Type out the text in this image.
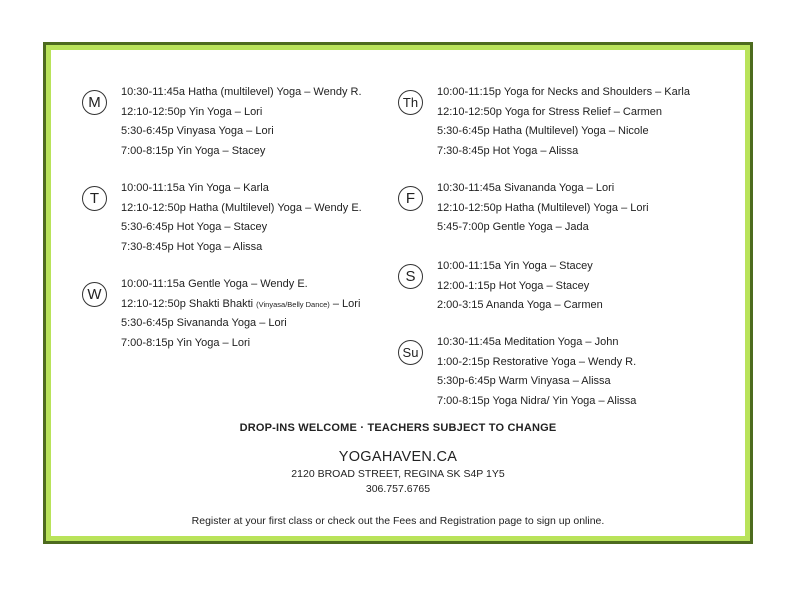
M
10:30-11:45a Hatha (multilevel) Yoga – Wendy R.
12:10-12:50p Yin Yoga – Lori
5:30-6:45p Vinyasa Yoga – Lori
7:00-8:15p Yin Yoga – Stacey
T
10:00-11:15a Yin Yoga – Karla
12:10-12:50p Hatha (Multilevel) Yoga – Wendy E.
5:30-6:45p Hot Yoga – Stacey
7:30-8:45p Hot Yoga – Alissa
W
10:00-11:15a Gentle Yoga – Wendy E.
12:10-12:50p Shakti Bhakti (Vinyasa/Belly Dance) – Lori
5:30-6:45p Sivananda Yoga – Lori
7:00-8:15p Yin Yoga – Lori
Th
10:00-11:15p Yoga for Necks and Shoulders – Karla
12:10-12:50p Yoga for Stress Relief – Carmen
5:30-6:45p Hatha (Multilevel) Yoga – Nicole
7:30-8:45p Hot Yoga – Alissa
F
10:30-11:45a Sivananda Yoga – Lori
12:10-12:50p Hatha (Multilevel) Yoga – Lori
5:45-7:00p Gentle Yoga – Jada
S
10:00-11:15a Yin Yoga – Stacey
12:00-1:15p Hot Yoga – Stacey
2:00-3:15 Ananda Yoga – Carmen
Su
10:30-11:45a Meditation Yoga – John
1:00-2:15p Restorative Yoga – Wendy R.
5:30p-6:45p Warm Vinyasa – Alissa
7:00-8:15p Yoga Nidra/ Yin Yoga – Alissa
DROP-INS WELCOME · TEACHERS SUBJECT TO CHANGE
YOGAHAVEN.CA
2120 BROAD STREET, REGINA SK S4P 1Y5
306.757.6765
Register at your first class or check out the Fees and Registration page to sign up online.
